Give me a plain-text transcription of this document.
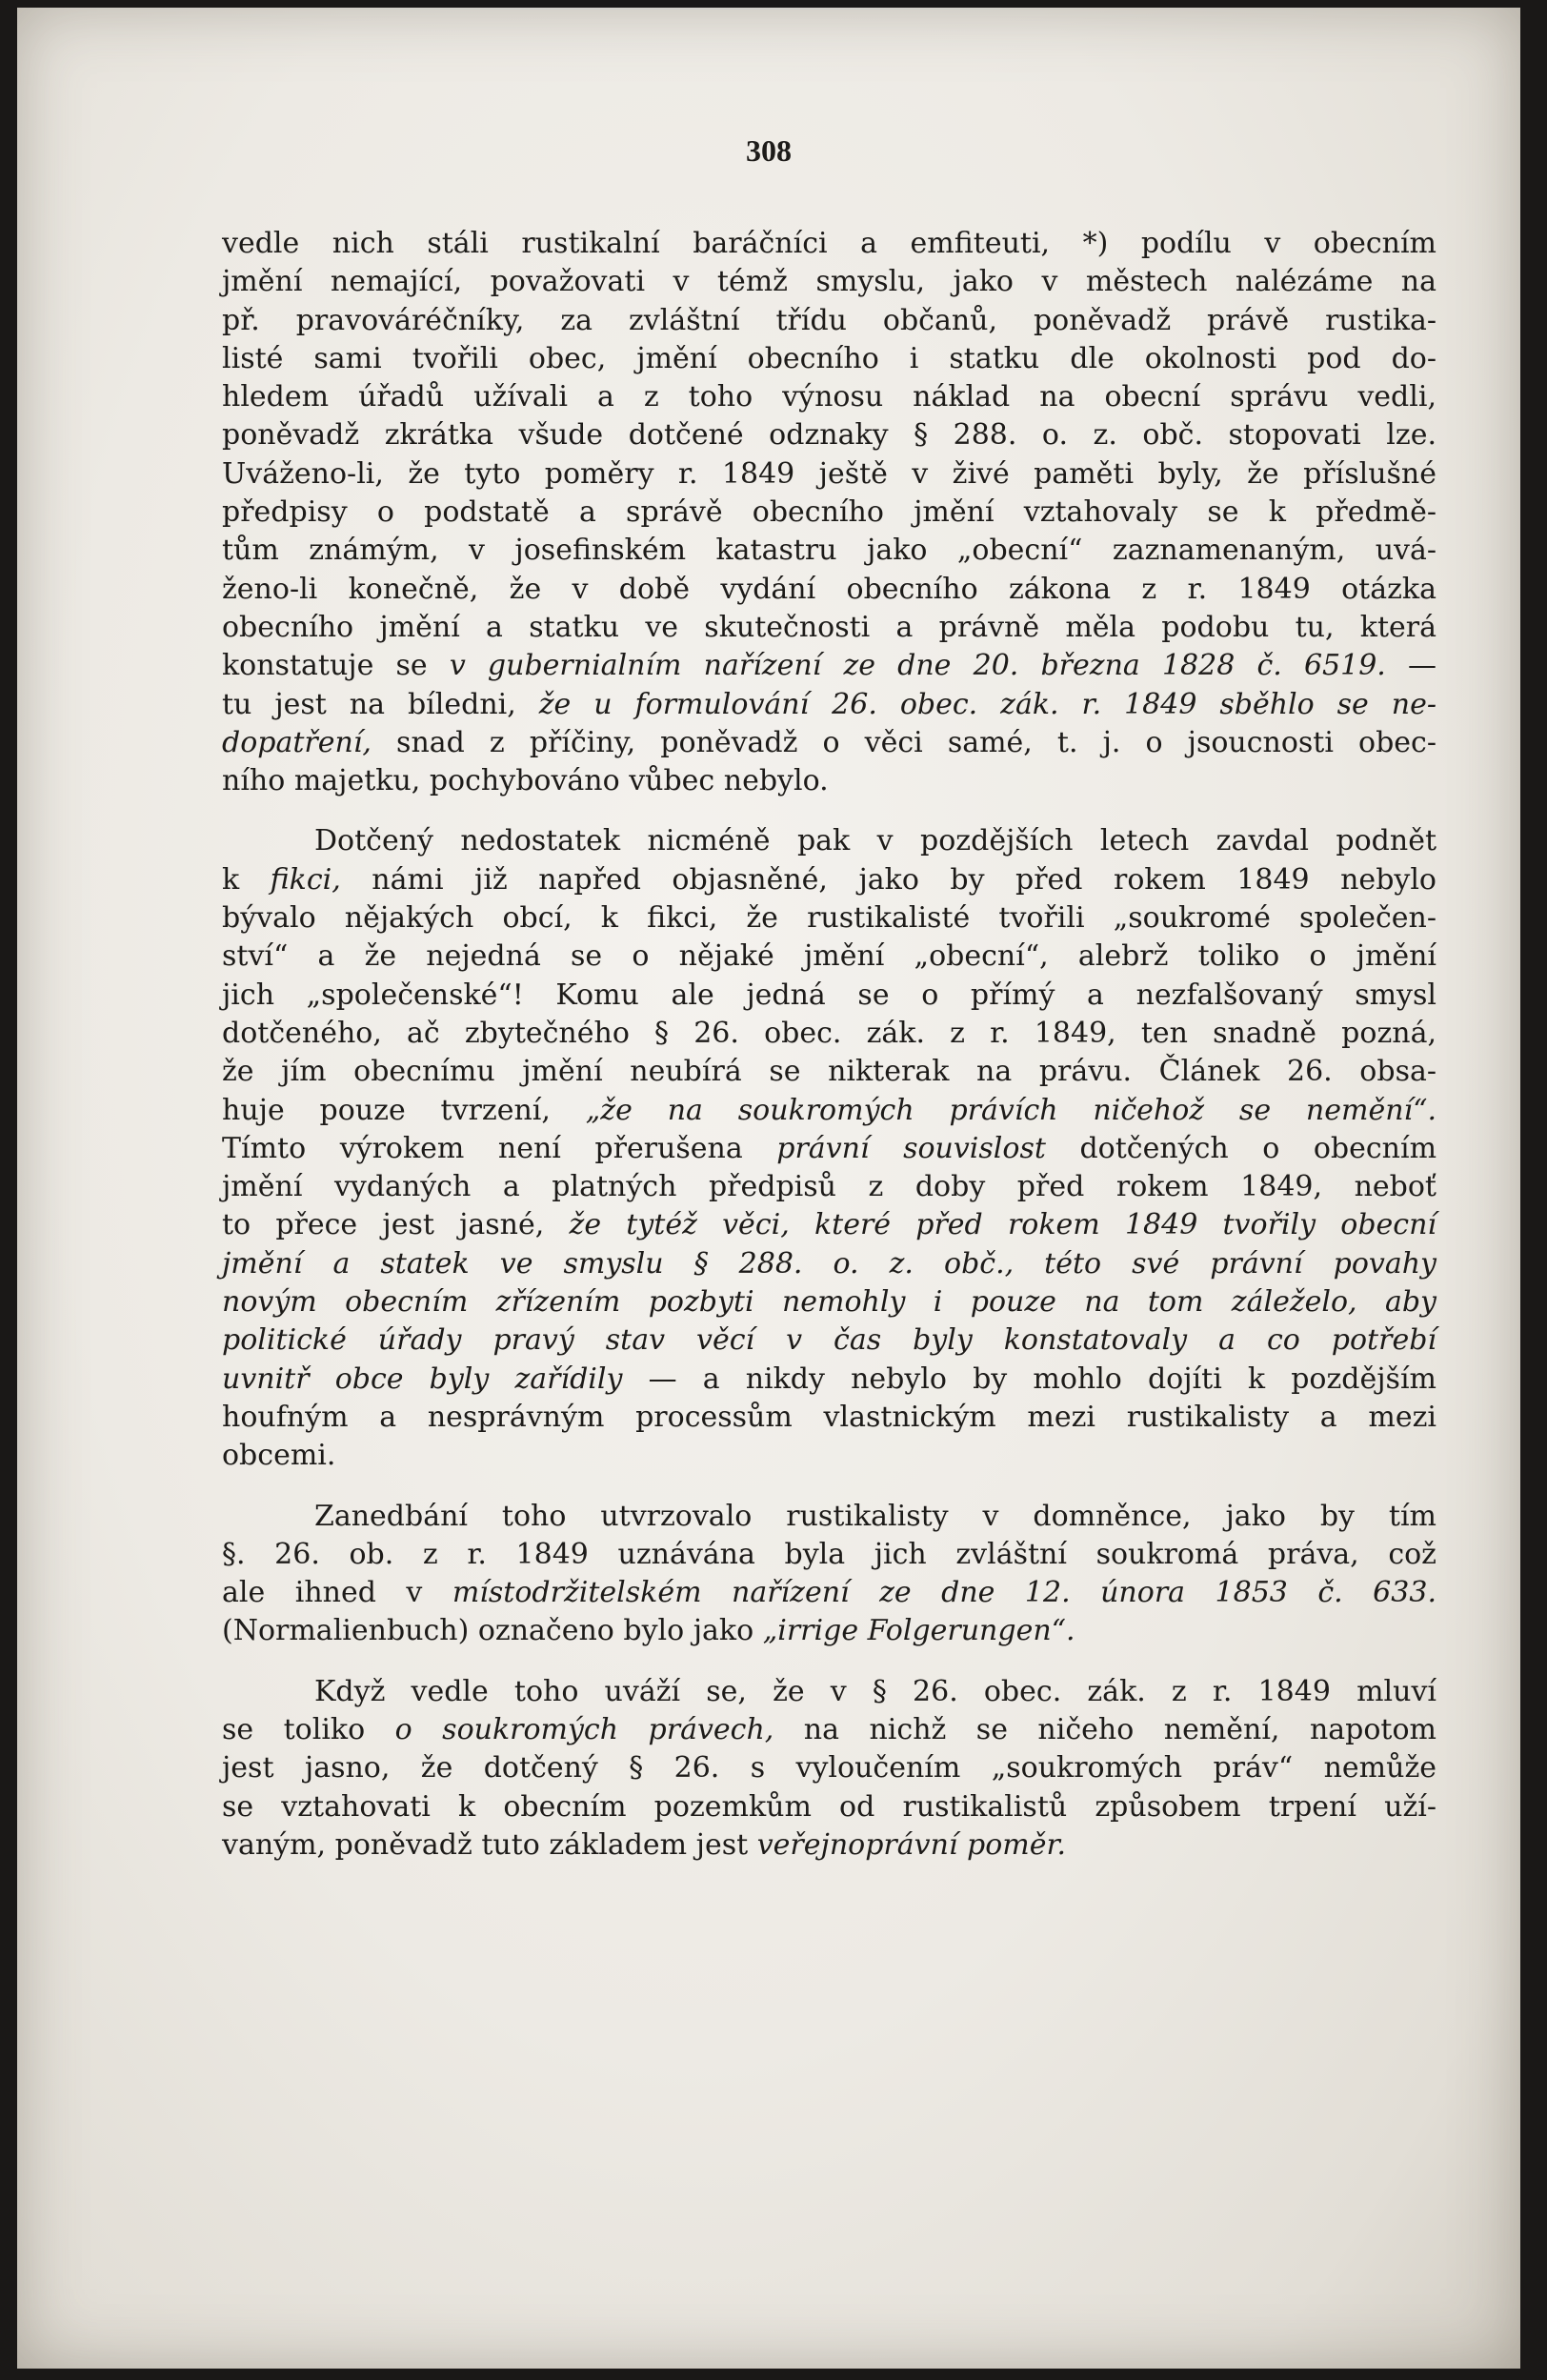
308

vedle nich stáli rustikalní baráčníci a emfiteuti, *) podílu v obecním
jmění nemající, považovati v témž smyslu, jako v městech nalézáme na
př. pravováréčníky, za zvláštní třídu občanů, poněvadž právě rustika-
listé sami tvořili obec, jmění obecního i statku dle okolnosti pod do-
hledem úřadů užívali a z toho výnosu náklad na obecní správu vedli,
poněvadž zkrátka všude dotčené odznaky § 288. o. z. obč. stopovati lze.
Uváženo-li, že tyto poměry r. 1849 ještě v živé paměti byly, že příslušné
předpisy o podstatě a správě obecního jmění vztahovaly se k předmě-
tům známým, v josefinském katastru jako „obecní“ zaznamenaným, uvá-
ženo-li konečně, že v době vydání obecního zákona z r. 1849 otázka
obecního jmění a statku ve skutečnosti a právně měla podobu tu, která
konstatuje se v gubernialním nařízení ze dne 20. března 1828 č. 6519. —
tu jest na bíledni, že u formulování 26. obec. zák. r. 1849 sběhlo se ne-
dopatření, snad z příčiny, poněvadž o věci samé, t. j. o jsoucnosti obec-
ního majetku, pochybováno vůbec nebylo.

Dotčený nedostatek nicméně pak v pozdějších letech zavdal podnět
k fikci, námi již napřed objasněné, jako by před rokem 1849 nebylo
bývalo nějakých obcí, k fikci, že rustikalisté tvořili „soukromé společen-
ství“ a že nejedná se o nějaké jmění „obecní“, alebrž toliko o jmění
jich „společenské“! Komu ale jedná se o přímý a nezfalšovaný smysl
dotčeného, ač zbytečného § 26. obec. zák. z r. 1849, ten snadně pozná,
že jím obecnímu jmění neubírá se nikterak na právu. Článek 26. obsa-
huje pouze tvrzení, „že na soukromých právích ničehož se nemění“.
Tímto výrokem není přerušena právní souvislost dotčených o obecním
jmění vydaných a platných předpisů z doby před rokem 1849, neboť
to přece jest jasné, že tytéž věci, které před rokem 1849 tvořily obecní
jmění a statek ve smyslu § 288. o. z. obč., této své právní povahy
novým obecním zřízením pozbyti nemohly i pouze na tom záleželo, aby
politické úřady pravý stav věcí v čas byly konstatovaly a co potřebí
uvnitř obce byly zařídily — a nikdy nebylo by mohlo dojíti k pozdějším
houfným a nesprávným processům vlastnickým mezi rustikalisty a mezi
obcemi.

Zanedbání toho utvrzovalo rustikalisty v domněnce, jako by tím
§. 26. ob. z r. 1849 uznávána byla jich zvláštní soukromá práva, což
ale ihned v místodržitelském nařízení ze dne 12. února 1853 č. 633.
(Normalienbuch) označeno bylo jako „irrige Folgerungen“.

Když vedle toho uváží se, že v § 26. obec. zák. z r. 1849 mluví
se toliko o soukromých právech, na nichž se ničeho nemění, napotom
jest jasno, že dotčený § 26. s vyloučením „soukromých práv“ nemůže
se vztahovati k obecním pozemkům od rustikalistů způsobem trpení uží-
vaným, poněvadž tuto základem jest veřejnoprávní poměr.
